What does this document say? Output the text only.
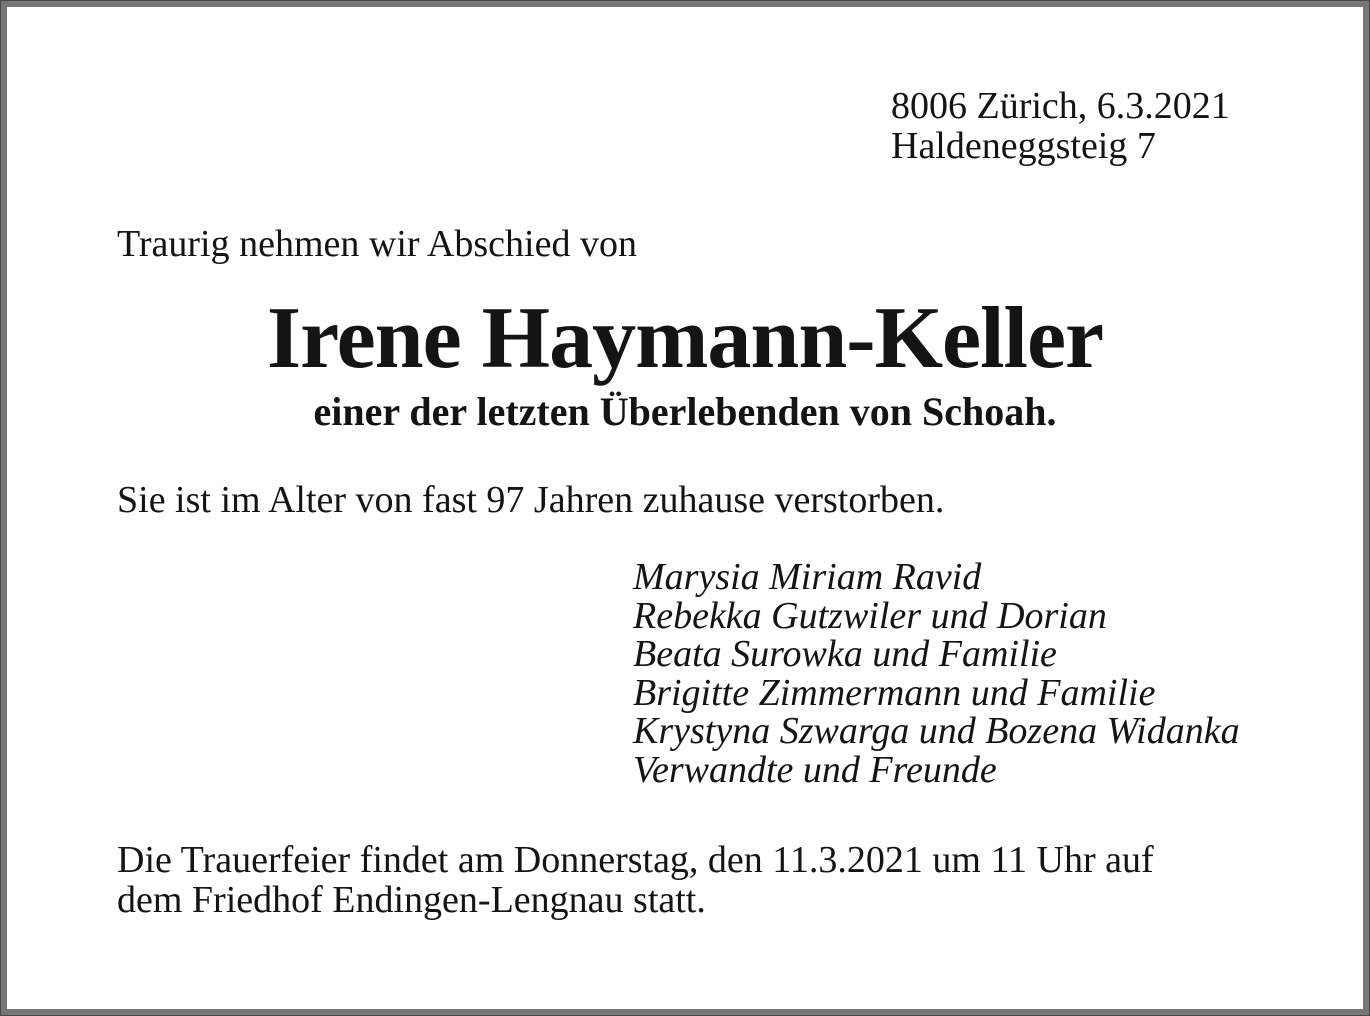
8006 Zürich, 6.3.2021
Haldeneggsteig 7
Traurig nehmen wir Abschied von
Irene Haymann-Keller
einer der letzten Überlebenden von Schoah.
Sie ist im Alter von fast 97 Jahren zuhause verstorben.
Marysia Miriam Ravid
Rebekka Gutzwiler und Dorian
Beata Surowka und Familie
Brigitte Zimmermann und Familie
Krystyna Szwarga und Bozena Widanka
Verwandte und Freunde
Die Trauerfeier findet am Donnerstag, den 11.3.2021 um 11 Uhr auf
dem Friedhof Endingen-Lengnau statt.
